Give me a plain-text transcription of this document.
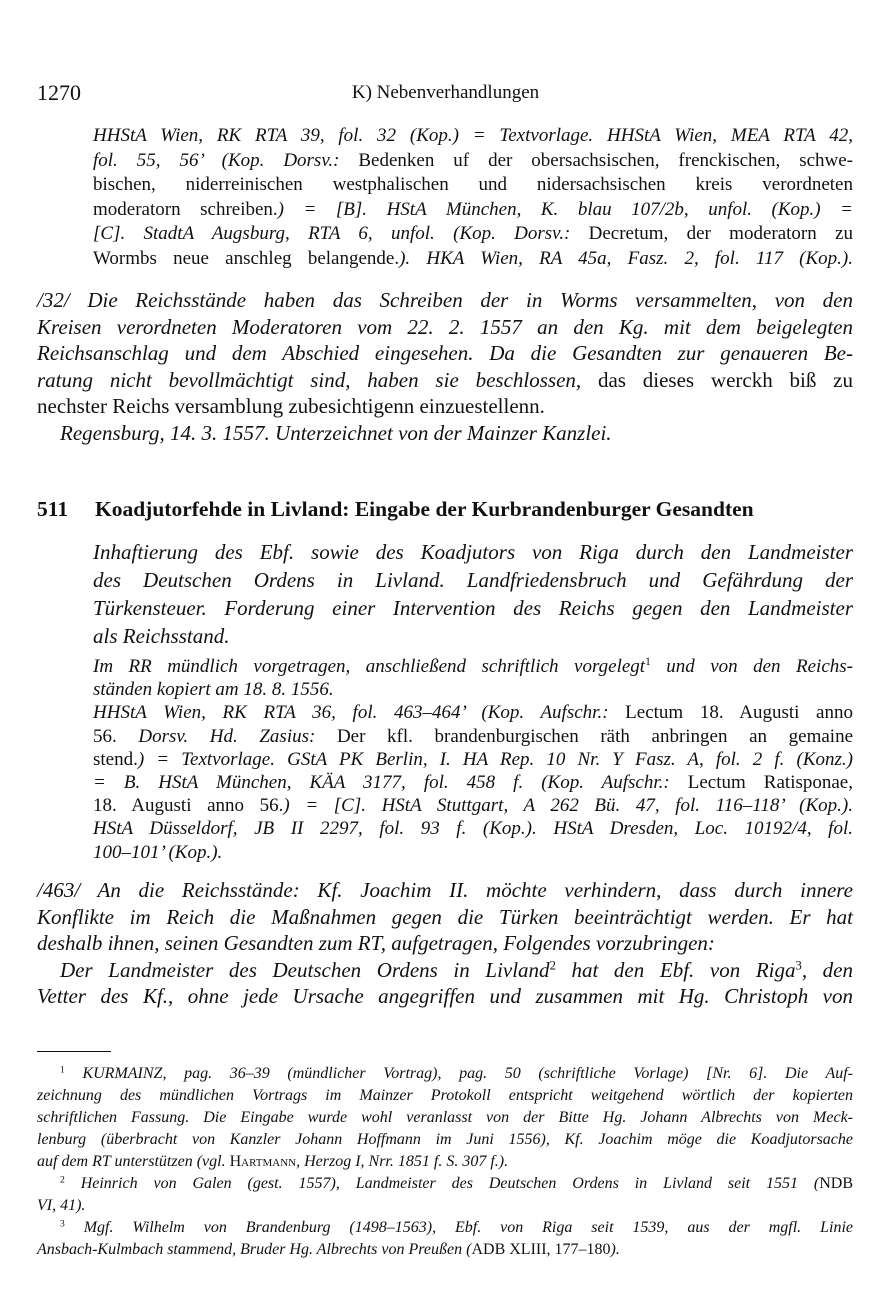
1270	K) Nebenverhandlungen
HHStA Wien, RK RTA 39, fol. 32 (Kop.) = Textvorlage. HHStA Wien, MEA RTA 42,
fol. 55, 56’ (Kop. Dorsv.: Bedenken uf der obersachsischen, frenckischen, schwe-
bischen, niderreinischen westphalischen und nidersachsischen kreis verordneten
moderatorn schreiben.) = [B]. HStA München, K. blau 107/2b, unfol. (Kop.) =
[C]. StadtA Augsburg, RTA 6, unfol. (Kop. Dorsv.: Decretum, der moderatorn zu
Wormbs neue anschleg belangende.). HKA Wien, RA 45a, Fasz. 2, fol. 117 (Kop.).
/32/ Die Reichsstände haben das Schreiben der in Worms versammelten, von den
Kreisen verordneten Moderatoren vom 22. 2. 1557 an den Kg. mit dem beigelegten
Reichsanschlag und dem Abschied eingesehen. Da die Gesandten zur genaueren Be-
ratung nicht bevollmächtigt sind, haben sie beschlossen, das dieses werckh biß zu
nechster Reichs versamblung zubesichtigenn einzuestellenn.
Regensburg, 14. 3. 1557. Unterzeichnet von der Mainzer Kanzlei.
511 Koadjutorfehde in Livland: Eingabe der Kurbrandenburger Gesandten
Inhaftierung des Ebf. sowie des Koadjutors von Riga durch den Landmeister
des Deutschen Ordens in Livland. Landfriedensbruch und Gefährdung der
Türkensteuer. Forderung einer Intervention des Reichs gegen den Landmeister
als Reichsstand.
Im RR mündlich vorgetragen, anschließend schriftlich vorgelegt$^1$ und von den Reichs-
ständen kopiert am 18. 8. 1556.
HHStA Wien, RK RTA 36, fol. 463–464’ (Kop. Aufschr.: Lectum 18. Augusti anno
56. Dorsv. Hd. Zasius: Der kfl. brandenburgischen räth anbringen an gemaine
stend.) = Textvorlage. GStA PK Berlin, I. HA Rep. 10 Nr. Y Fasz. A, fol. 2 f. (Konz.)
= B. HStA München, KÄA 3177, fol. 458 f. (Kop. Aufschr.: Lectum Ratisponae,
18. Augusti anno 56.) = [C]. HStA Stuttgart, A 262 Bü. 47, fol. 116–118’ (Kop.).
HStA Düsseldorf, JB II 2297, fol. 93 f. (Kop.). HStA Dresden, Loc. 10192/4, fol.
100–101’ (Kop.).
/463/ An die Reichsstände: Kf. Joachim II. möchte verhindern, dass durch innere
Konflikte im Reich die Maßnahmen gegen die Türken beeinträchtigt werden. Er hat
deshalb ihnen, seinen Gesandten zum RT, aufgetragen, Folgendes vorzubringen:
Der Landmeister des Deutschen Ordens in Livland$^2$ hat den Ebf. von Riga$^3$, den
Vetter des Kf., ohne jede Ursache angegriffen und zusammen mit Hg. Christoph von
$^1$ KURMAINZ, pag. 36–39 (mündlicher Vortrag), pag. 50 (schriftliche Vorlage) [Nr. 6]. Die Auf-
zeichnung des mündlichen Vortrags im Mainzer Protokoll entspricht weitgehend wörtlich der kopierten
schriftlichen Fassung. Die Eingabe wurde wohl veranlasst von der Bitte Hg. Johann Albrechts von Meck-
lenburg (überbracht von Kanzler Johann Hoffmann im Juni 1556), Kf. Joachim möge die Koadjutorsache
auf dem RT unterstützen (vgl. Hartmann, Herzog I, Nrr. 1851 f. S. 307 f.).
$^2$ Heinrich von Galen (gest. 1557), Landmeister des Deutschen Ordens in Livland seit 1551 (NDB
VI, 41).
$^3$ Mgf. Wilhelm von Brandenburg (1498–1563), Ebf. von Riga seit 1539, aus der mgfl. Linie
Ansbach-Kulmbach stammend, Bruder Hg. Albrechts von Preußen (ADB XLIII, 177–180).
